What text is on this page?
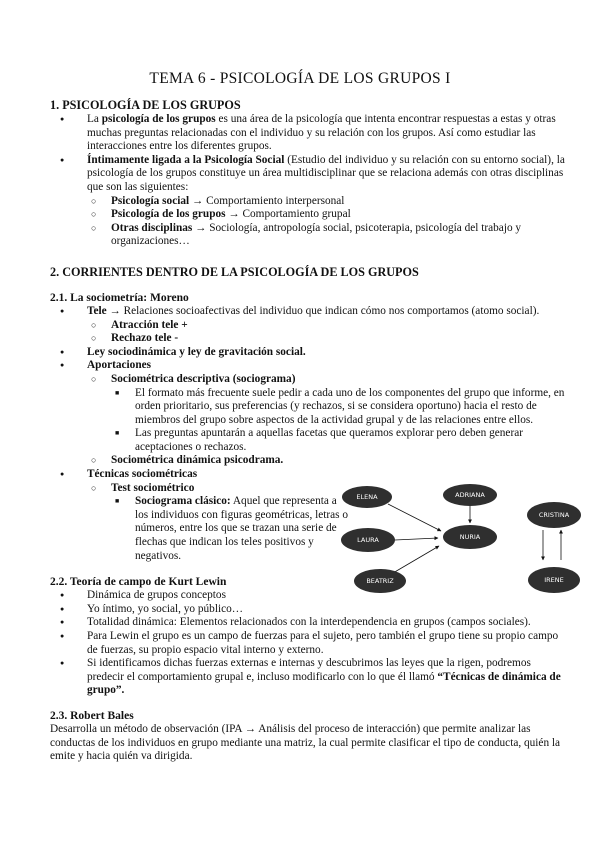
TEMA 6 - PSICOLOGÍA DE LOS GRUPOS I
1. PSICOLOGÍA DE LOS GRUPOS
● La psicología de los grupos es una área de la psicología que intenta encontrar respuestas a estas y otras muchas preguntas relacionadas con el individuo y su relación con los grupos. Así como estudiar las interacciones entre los diferentes grupos.
● Íntimamente ligada a la Psicología Social (Estudio del individuo y su relación con su entorno social), la psicología de los grupos constituye un área multidisciplinar que se relaciona además con otras disciplinas que son las siguientes:
○ Psicología social → Comportamiento interpersonal
○ Psicología de los grupos → Comportamiento grupal
○ Otras disciplinas → Sociología, antropología social, psicoterapia, psicología del trabajo y organizaciones…
2. CORRIENTES DENTRO DE LA PSICOLOGÍA DE LOS GRUPOS
2.1. La sociometría: Moreno
● Tele → Relaciones socioafectivas del individuo que indican cómo nos comportamos (atomo social).
○ Atracción tele +
○ Rechazo tele -
● Ley sociodinámica y ley de gravitación social.
● Aportaciones
○ Sociométrica descriptiva (sociograma)
■ El formato más frecuente suele pedir a cada uno de los componentes del grupo que informe, en orden prioritario, sus preferencias (y rechazos, si se considera oportuno) hacia el resto de miembros del grupo sobre aspectos de la actividad grupal y de las relaciones entre ellos.
■ Las preguntas apuntarán a aquellas facetas que queramos explorar pero deben generar aceptaciones o rechazos.
○ Sociométrica dinámica psicodrama.
● Técnicas sociométricas
○ Test sociométrico
■ Sociograma clásico: Aquel que representa a los individuos con figuras geométricas, letras o números, entre los que se trazan una serie de flechas que indican los teles positivos y negativos.
2.2. Teoría de campo de Kurt Lewin
● Dinámica de grupos conceptos
● Yo íntimo, yo social, yo público…
● Totalidad dinámica: Elementos relacionados con la interdependencia en grupos (campos sociales).
● Para Lewin el grupo es un campo de fuerzas para el sujeto, pero también el grupo tiene su propio campo de fuerzas, su propio espacio vital interno y externo.
● Si identificamos dichas fuerzas externas e internas y descubrimos las leyes que la rigen, podremos predecir el comportamiento grupal e, incluso modificarlo con lo que él llamó “Técnicas de dinámica de grupo”.
2.3. Robert Bales

Desarrolla un método de observación (IPA → Análisis del proceso de interacción) que permite analizar las conductas de los individuos en grupo mediante una matriz, la cual permite clasificar el tipo de conducta, quién la emite y hacia quién va dirigida.

ELENA	ADRIANA
LAURA	NURIA
BEATRIZ
CRISTINA
IRENE
